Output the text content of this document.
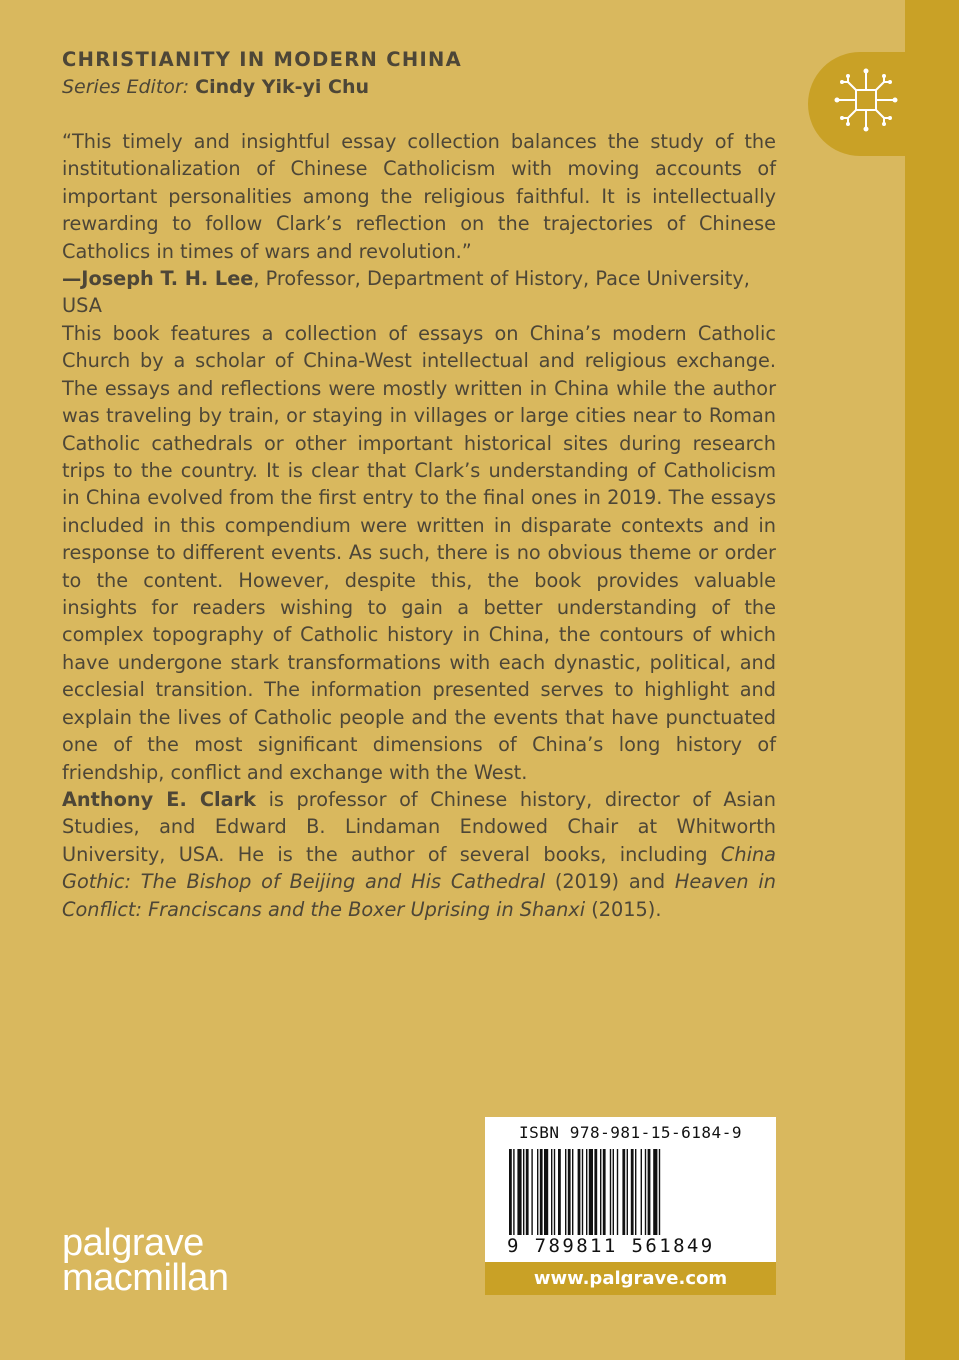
CHRISTIANITY IN MODERN CHINA
Series Editor: Cindy Yik-yi Chu

“This timely and insightful essay collection balances the study of the institutionalization of Chinese Catholicism with moving accounts of important personalities among the religious faithful. It is intellectually rewarding to follow Clark’s reflection on the trajectories of Chinese Catholics in times of wars and revolution.”

—Joseph T. H. Lee, Professor, Department of History, Pace University, USA

This book features a collection of essays on China’s modern Catholic Church by a scholar of China-West intellectual and religious exchange. The essays and reflections were mostly written in China while the author was traveling by train, or staying in villages or large cities near to Roman Catholic cathedrals or other important historical sites during research trips to the country. It is clear that Clark’s understanding of Catholicism in China evolved from the first entry to the final ones in 2019. The essays included in this compendium were written in disparate contexts and in response to different events. As such, there is no obvious theme or order to the content. However, despite this, the book provides valuable insights for readers wishing to gain a better understanding of the complex topography of Catholic history in China, the contours of which have undergone stark transformations with each dynastic, political, and ecclesial transition. The information presented serves to highlight and explain the lives of Catholic people and the events that have punctuated one of the most significant dimensions of China’s long history of friendship, conflict and exchange with the West.

Anthony E. Clark is professor of Chinese history, director of Asian Studies, and Edward B. Lindaman Endowed Chair at Whitworth University, USA. He is the author of several books, including China Gothic: The Bishop of Beijing and His Cathedral (2019) and Heaven in Conflict: Franciscans and the Boxer Uprising in Shanxi (2015).

ISBN 978-981-15-6184-9
9 789811 561849
www.palgrave.com
palgrave
macmillan
